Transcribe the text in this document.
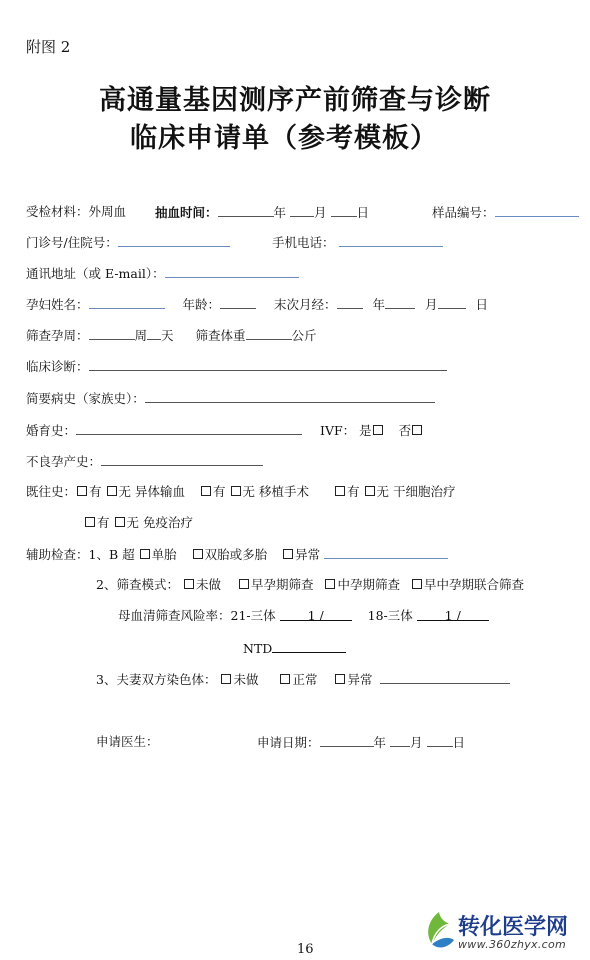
附图 2
高通量基因测序产前筛查与诊断
临床申请单（参考模板）
受检材料：外周血 抽血时间：	年 月 日	样品编号：
门诊号/住院号：	手机电话：
通讯地址（或 E-mail）：
孕妇姓名：	年龄：	末次月经：	年	月	日
筛查孕周：	周 天 筛查体重	公斤
临床诊断：
简要病史（家族史）：
婚育史：	IVF： 是 否
不良孕产史：
既往史： 有 无 异体输血 有 无 移植手术	有 无 干细胞治疗
有 无 免疫治疗
辅助检查：1、B 超 单胎 双胎或多胎 异常
2、筛查模式： 未做 早孕期筛查 中孕期筛查 早中孕期联合筛查
母血清筛查风险率：21-三体	1 /	18-三体	1 /
NTD
3、夫妻双方染色体： 未做	正常 异常
申请医生：	申请日期：	年 月 日
转化医学网
www.360zhyx.com
16
